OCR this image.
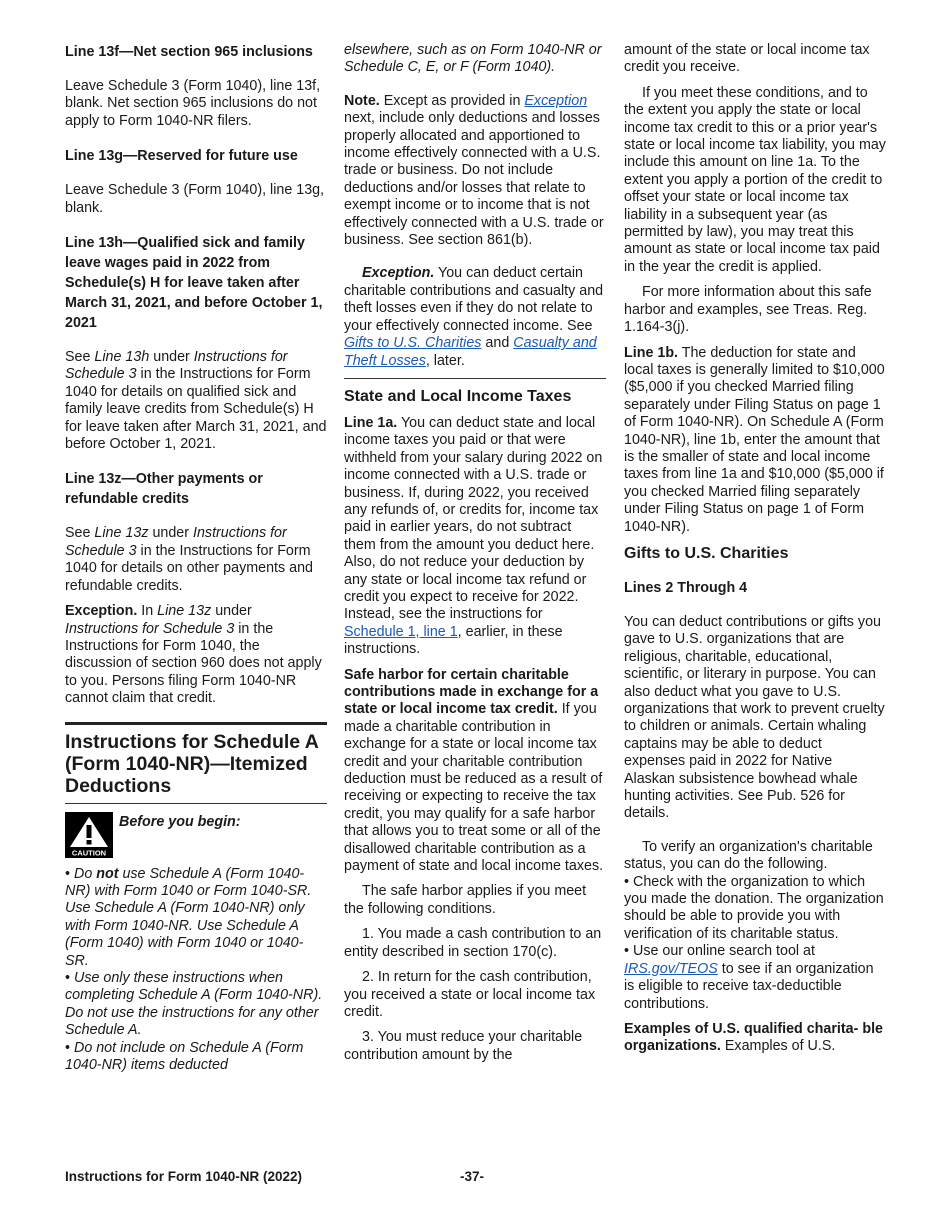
Line 13f—Net section 965 inclusions

Leave Schedule 3 (Form 1040), line 13f, blank. Net section 965 inclusions do not apply to Form 1040-NR filers.

Line 13g—Reserved for future use

Leave Schedule 3 (Form 1040), line 13g, blank.

Line 13h—Qualified sick and family leave wages paid in 2022 from Schedule(s) H for leave taken after March 31, 2021, and before October 1, 2021

See Line 13h under Instructions for Schedule 3 in the Instructions for Form 1040 for details on qualified sick and family leave credits from Schedule(s) H for leave taken after March 31, 2021, and before October 1, 2021.

Line 13z—Other payments or refundable credits

See Line 13z under Instructions for Schedule 3 in the Instructions for Form 1040 for details on other payments and refundable credits.

Exception. In Line 13z under Instructions for Schedule 3 in the Instructions for Form 1040, the discussion of section 960 does not apply to you. Persons filing Form 1040-NR cannot claim that credit.

Instructions for Schedule A (Form 1040-NR)—Itemized Deductions

CAUTION
Before you begin:

• Do not use Schedule A (Form 1040-NR) with Form 1040 or Form 1040-SR. Use Schedule A (Form 1040-NR) only with Form 1040-NR. Use Schedule A (Form 1040) with Form 1040 or 1040-SR.

• Use only these instructions when completing Schedule A (Form 1040-NR). Do not use the instructions for any other Schedule A.

• Do not include on Schedule A (Form 1040-NR) items deducted

elsewhere, such as on Form 1040-NR or Schedule C, E, or F (Form 1040).

Note. Except as provided in Exception next, include only deductions and losses properly allocated and apportioned to income effectively connected with a U.S. trade or business. Do not include deductions and/or losses that relate to exempt income or to income that is not effectively connected with a U.S. trade or business. See section 861(b).

Exception. You can deduct certain charitable contributions and casualty and theft losses even if they do not relate to your effectively connected income. See Gifts to U.S. Charities and Casualty and Theft Losses, later.

State and Local Income Taxes

Line 1a. You can deduct state and local income taxes you paid or that were withheld from your salary during 2022 on income connected with a U.S. trade or business. If, during 2022, you received any refunds of, or credits for, income tax paid in earlier years, do not subtract them from the amount you deduct here. Also, do not reduce your deduction by any state or local income tax refund or credit you expect to receive for 2022. Instead, see the instructions for Schedule 1, line 1, earlier, in these instructions.

Safe harbor for certain charitable contributions made in exchange for a state or local income tax credit. If you made a charitable contribution in exchange for a state or local income tax credit and your charitable contribution deduction must be reduced as a result of receiving or expecting to receive the tax credit, you may qualify for a safe harbor that allows you to treat some or all of the disallowed charitable contribution as a payment of state and local income taxes.

The safe harbor applies if you meet the following conditions.

1. You made a cash contribution to an entity described in section 170(c).

2. In return for the cash contribution, you received a state or local income tax credit.

3. You must reduce your charitable contribution amount by the

amount of the state or local income tax credit you receive.

If you meet these conditions, and to the extent you apply the state or local income tax credit to this or a prior year's state or local income tax liability, you may include this amount on line 1a. To the extent you apply a portion of the credit to offset your state or local income tax liability in a subsequent year (as permitted by law), you may treat this amount as state or local income tax paid in the year the credit is applied.

For more information about this safe harbor and examples, see Treas. Reg. 1.164-3(j).

Line 1b. The deduction for state and local taxes is generally limited to $10,000 ($5,000 if you checked Married filing separately under Filing Status on page 1 of Form 1040-NR). On Schedule A (Form 1040-NR), line 1b, enter the amount that is the smaller of state and local income taxes from line 1a and $10,000 ($5,000 if you checked Married filing separately under Filing Status on page 1 of Form 1040-NR).

Gifts to U.S. Charities

Lines 2 Through 4

You can deduct contributions or gifts you gave to U.S. organizations that are religious, charitable, educational, scientific, or literary in purpose. You can also deduct what you gave to U.S. organizations that work to prevent cruelty to children or animals. Certain whaling captains may be able to deduct expenses paid in 2022 for Native Alaskan subsistence bowhead whale hunting activities. See Pub. 526 for details.

To verify an organization's charitable status, you can do the following.

• Check with the organization to which you made the donation. The organization should be able to provide you with verification of its charitable status.

• Use our online search tool at IRS.gov/TEOS to see if an organization is eligible to receive tax-deductible contributions.

Examples of U.S. qualified charita- ble organizations. Examples of U.S.

Instructions for Form 1040-NR (2022)	-37-
